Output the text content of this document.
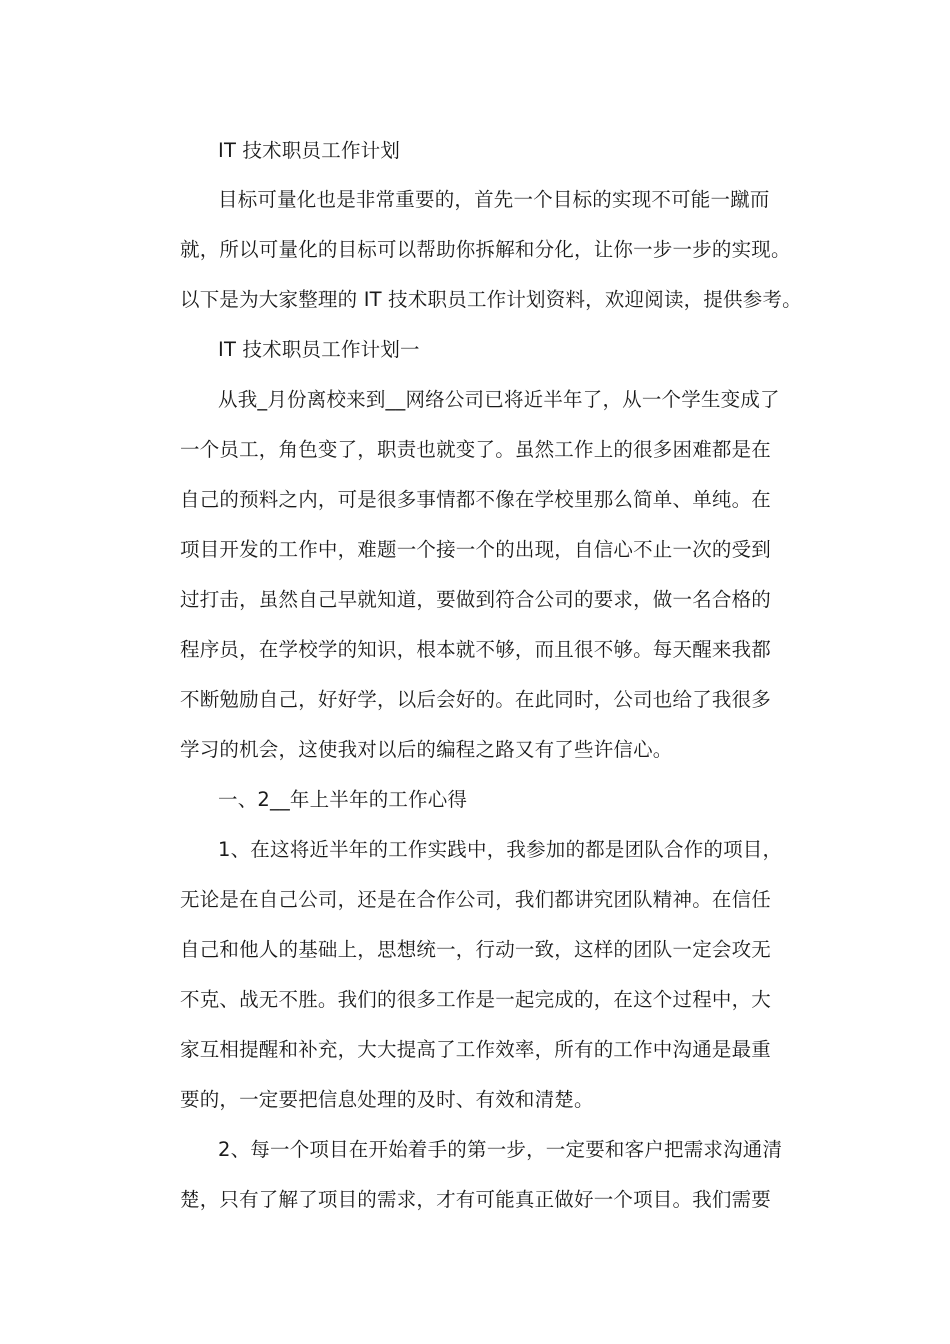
IT 技术职员工作计划
目标可量化也是非常重要的，首先一个目标的实现不可能一蹴而
就，所以可量化的目标可以帮助你拆解和分化，让你一步一步的实现。
以下是为大家整理的 IT 技术职员工作计划资料，欢迎阅读，提供参考。
IT 技术职员工作计划一
从我_月份离校来到__网络公司已将近半年了，从一个学生变成了
一个员工，角色变了，职责也就变了。虽然工作上的很多困难都是在
自己的预料之内，可是很多事情都不像在学校里那么简单、单纯。在
项目开发的工作中，难题一个接一个的出现，自信心不止一次的受到
过打击，虽然自己早就知道，要做到符合公司的要求，做一名合格的
程序员，在学校学的知识，根本就不够，而且很不够。每天醒来我都
不断勉励自己，好好学，以后会好的。在此同时，公司也给了我很多
学习的机会，这使我对以后的编程之路又有了些许信心。
一、2__年上半年的工作心得
1、在这将近半年的工作实践中，我参加的都是团队合作的项目，
无论是在自己公司，还是在合作公司，我们都讲究团队精神。在信任
自己和他人的基础上，思想统一，行动一致，这样的团队一定会攻无
不克、战无不胜。我们的很多工作是一起完成的，在这个过程中，大
家互相提醒和补充，大大提高了工作效率，所有的工作中沟通是最重
要的，一定要把信息处理的及时、有效和清楚。
2、每一个项目在开始着手的第一步，一定要和客户把需求沟通清
楚，只有了解了项目的需求，才有可能真正做好一个项目。我们需要
